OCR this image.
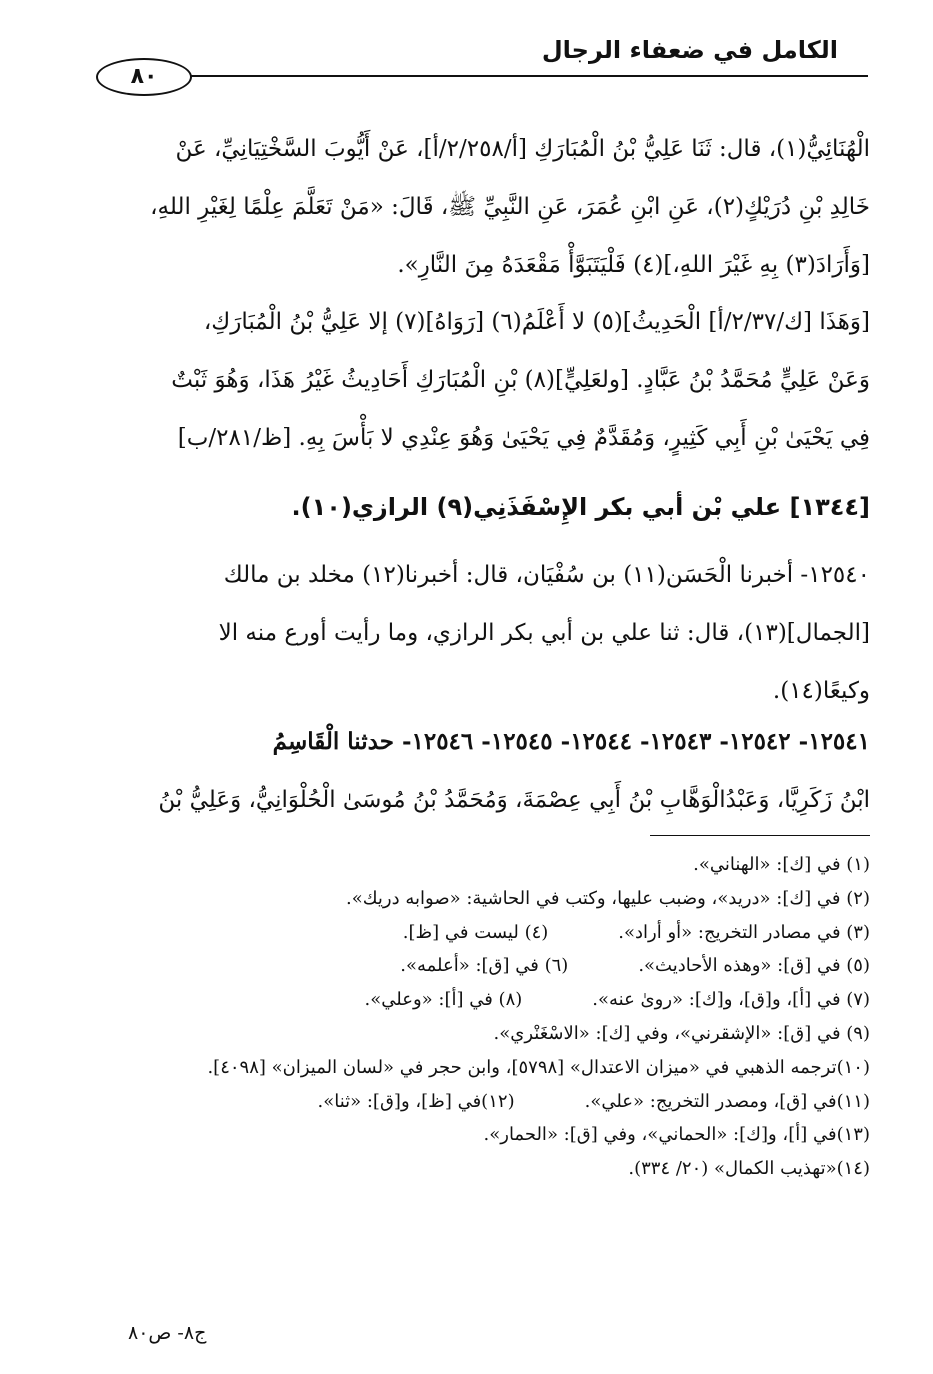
الكامل في ضعفاء الرجال
٨٠
الْهُنَائِيُّ(١)، قال: ثَنَا عَلِيُّ بْنُ الْمُبَارَكِ [أ/٢/٢٥٨/أ]، عَنْ أَيُّوبَ السَّخْتِيَانِيِّ، عَنْ
خَالِدِ بْنِ دُرَيْكٍ(٢)، عَنِ ابْنِ عُمَرَ، عَنِ النَّبِيِّ ﷺ، قَالَ: «مَنْ تَعَلَّمَ عِلْمًا لِغَيْرِ اللهِ،
[وَأَرَادَ(٣) بِهِ غَيْرَ اللهِ،](٤) فَلْيَتَبَوَّأْ مَقْعَدَهُ مِنَ النَّارِ».
[وَهَذَا [ك/٢/٣٧/أ] الْحَدِيثُ](٥) لا أَعْلَمُ(٦) [رَوَاهُ](٧) إلا عَلِيُّ بْنُ الْمُبَارَكِ،
وَعَنْ عَلِيٍّ مُحَمَّدُ بْنُ عَبَّادٍ. [ولعَلِيٍّ](٨) بْنِ الْمُبَارَكِ أَحَادِيثُ غَيْرُ هَذَا، وَهُوَ ثَبْتٌ
فِي يَحْيَىٰ بْنِ أَبِي كَثِيرٍ، وَمُقَدَّمٌ فِي يَحْيَىٰ وَهُوَ عِنْدِي لا بَأْسَ بِهِ. [ظ/٢٨١/ب]
[١٣٤٤] علي بْن أبي بكر الإِسْفَذَنِي(٩) الرازي(١٠).
١٢٥٤٠- أخبرنا الْحَسَن(١١) بن سُفْيَان، قال: أخبرنا(١٢) مخلد بن مالك
[الجمال](١٣)، قال: ثنا علي بن أبي بكر الرازي، وما رأيت أورع منه الا
وكيعًا(١٤).
١٢٥٤١- ١٢٥٤٢- ١٢٥٤٣- ١٢٥٤٤- ١٢٥٤٥- ١٢٥٤٦- حدثنا الْقَاسِمُ
ابْنُ زَكَرِيَّا، وَعَبْدُالْوَهَّابِ بْنُ أَبِي عِصْمَةَ، وَمُحَمَّدُ بْنُ مُوسَىٰ الْحُلْوَانِيُّ، وَعَلِيُّ بْنُ
(١) في [ك]: «الهناني».
(٢) في [ك]: «دريد»، وضبب عليها، وكتب في الحاشية: «صوابه دريك».
(٣) في مصادر التخريج: «أو أراد».(٤) ليست في [ظ].
(٥) في [ق]: «وهذه الأحاديث».(٦) في [ق]: «أعلمه».
(٧) في [أ]، و[ق]، و[ك]: «روىٰ عنه».(٨) في [أ]: «وعلي».
(٩) في [ق]: «الإشقرني»، وفي [ك]: «الاسْغَنْري».
(١٠)ترجمه الذهبي في «ميزان الاعتدال» [٥٧٩٨]، وابن حجر في «لسان الميزان» [٤٠٩٨].
(١١)في [ق]، ومصدر التخريج: «علي».(١٢)في [ظ]، و[ق]: «ثنا».
(١٣)في [أ]، و[ك]: «الحماني»، وفي [ق]: «الحمار».
(١٤)«تهذيب الكمال» (٢٠/ ٣٣٤).
ج٨- ص٨٠
